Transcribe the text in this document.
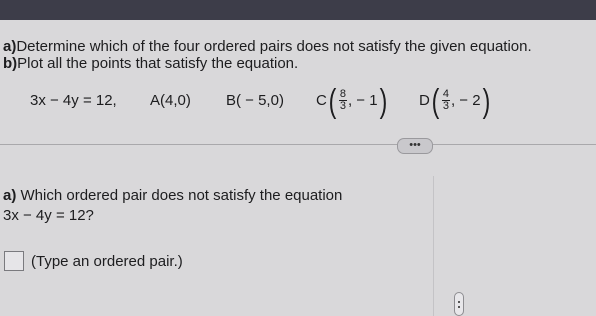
a)Determine which of the four ordered pairs does not satisfy the given equation.
b)Plot all the points that satisfy the equation.
3x − 4y = 12, A(4,0) B( − 5,0) C ( $\frac{8}{3}$ , − 1 ) D ( $\frac{4}{3}$ , − 2 )
•••
a) Which ordered pair does not satisfy the equation
3x − 4y = 12?
(Type an ordered pair.)
